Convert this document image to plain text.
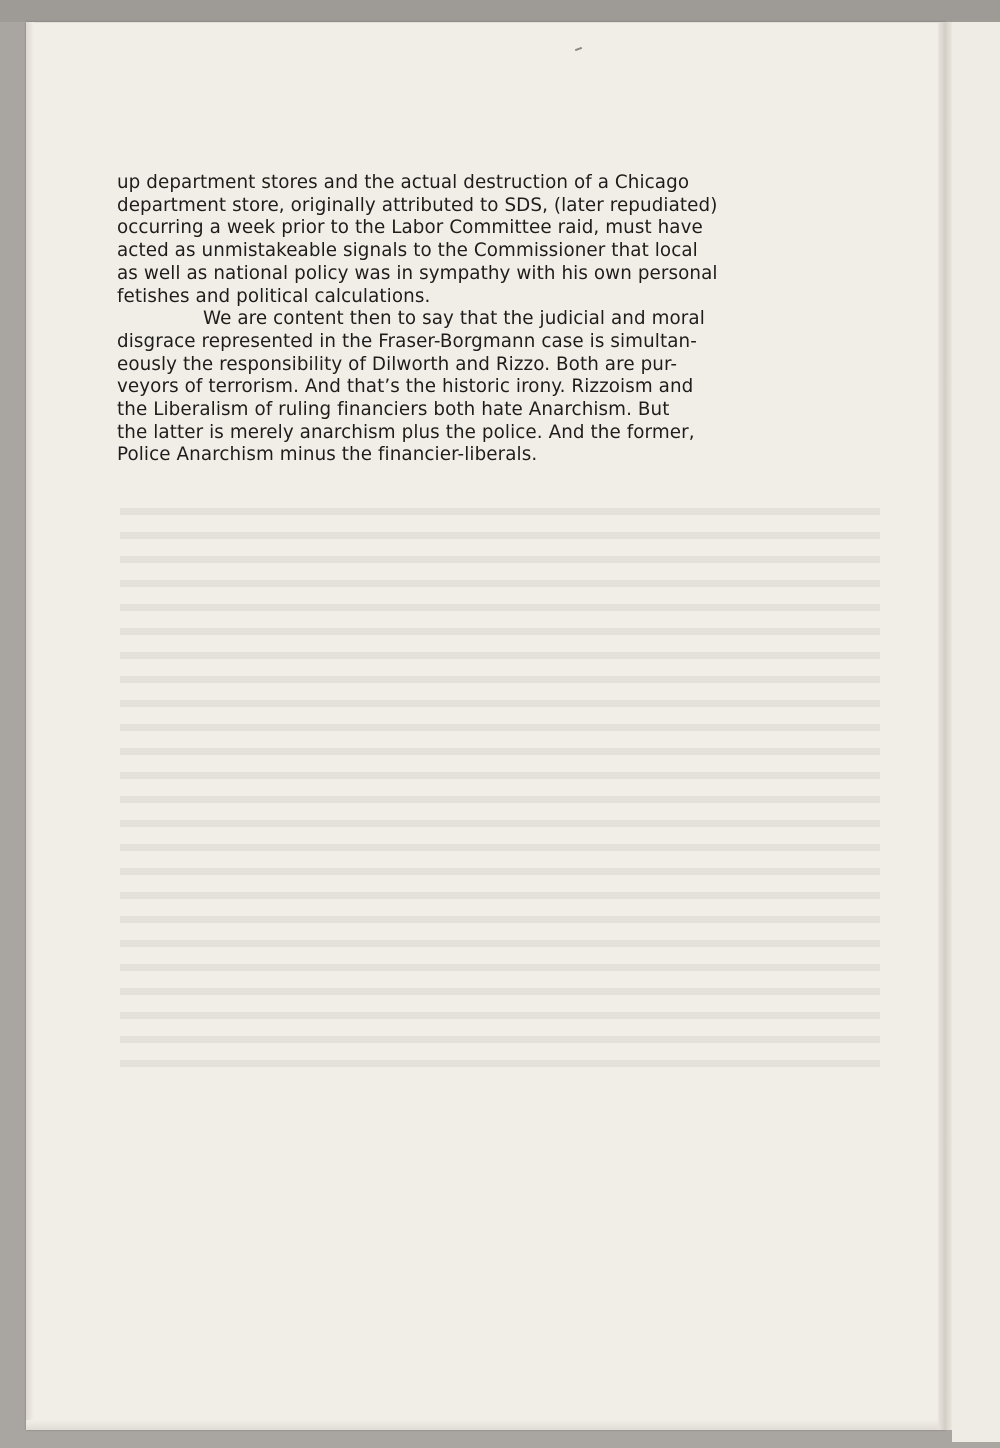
up department stores and the actual destruction of a Chicago
department store, originally attributed to SDS, (later repudiated)
occurring a week prior to the Labor Committee raid, must have
acted as unmistakeable signals to the Commissioner that local
as well as national policy was in sympathy with his own personal
fetishes and political calculations.

We are content then to say that the judicial and moral
disgrace represented in the Fraser-Borgmann case is simultan-
eously the responsibility of Dilworth and Rizzo. Both are pur-
veyors of terrorism. And that’s the historic irony. Rizzoism and
the Liberalism of ruling financiers both hate Anarchism. But
the latter is merely anarchism plus the police. And the former,
Police Anarchism minus the financier-liberals.
